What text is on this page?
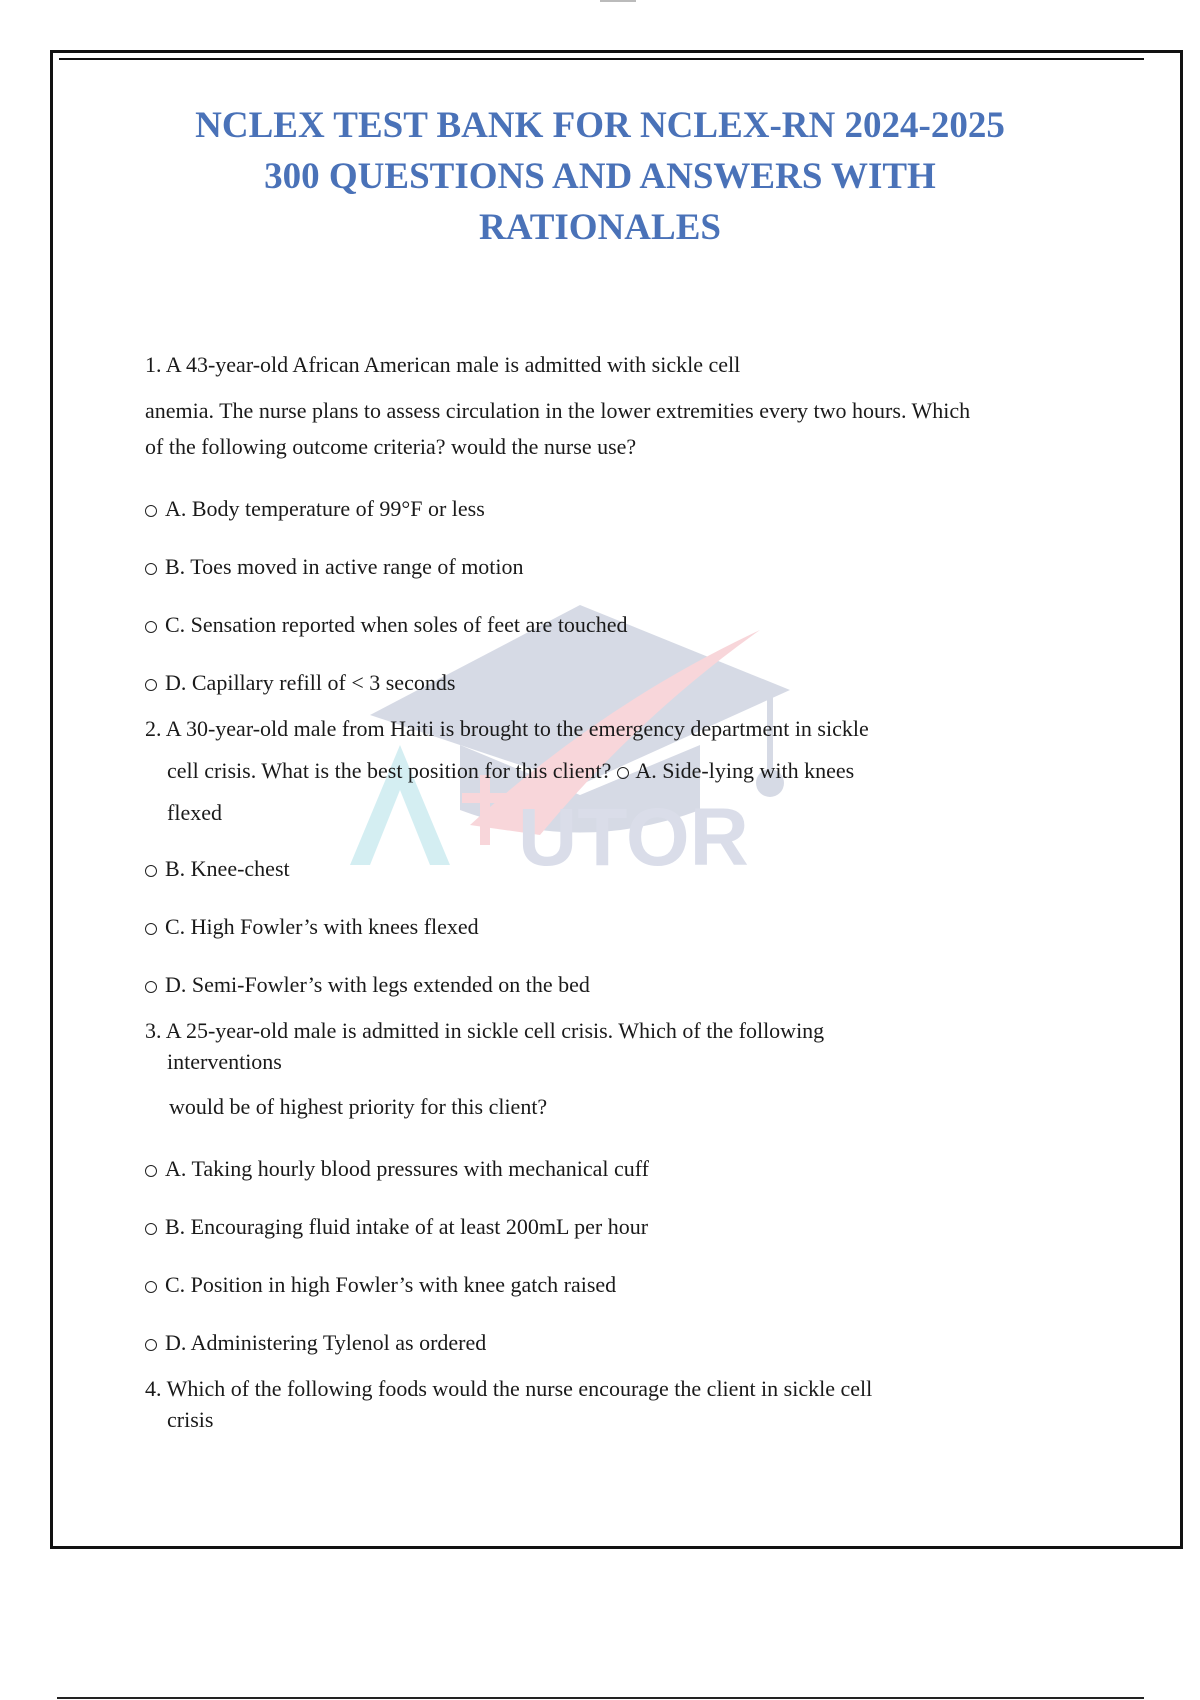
UTOR
NCLEX TEST BANK FOR NCLEX-RN 2024-2025
300 QUESTIONS AND ANSWERS WITH
RATIONALES
1. A 43-year-old African American male is admitted with sickle cell
anemia. The nurse plans to assess circulation in the lower extremities every two hours. Which
of the following outcome criteria? would the nurse use?
A. Body temperature of 99°F or less
B. Toes moved in active range of motion
C. Sensation reported when soles of feet are touched
D. Capillary refill of < 3 seconds
2. A 30-year-old male from Haiti is brought to the emergency department in sickle
cell crisis. What is the best position for this client? A. Side-lying with knees
flexed
B. Knee-chest
C. High Fowler’s with knees flexed
D. Semi-Fowler’s with legs extended on the bed
3. A 25-year-old male is admitted in sickle cell crisis. Which of the following
interventions
would be of highest priority for this client?
A. Taking hourly blood pressures with mechanical cuff
B. Encouraging fluid intake of at least 200mL per hour
C. Position in high Fowler’s with knee gatch raised
D. Administering Tylenol as ordered
4. Which of the following foods would the nurse encourage the client in sickle cell
crisis
